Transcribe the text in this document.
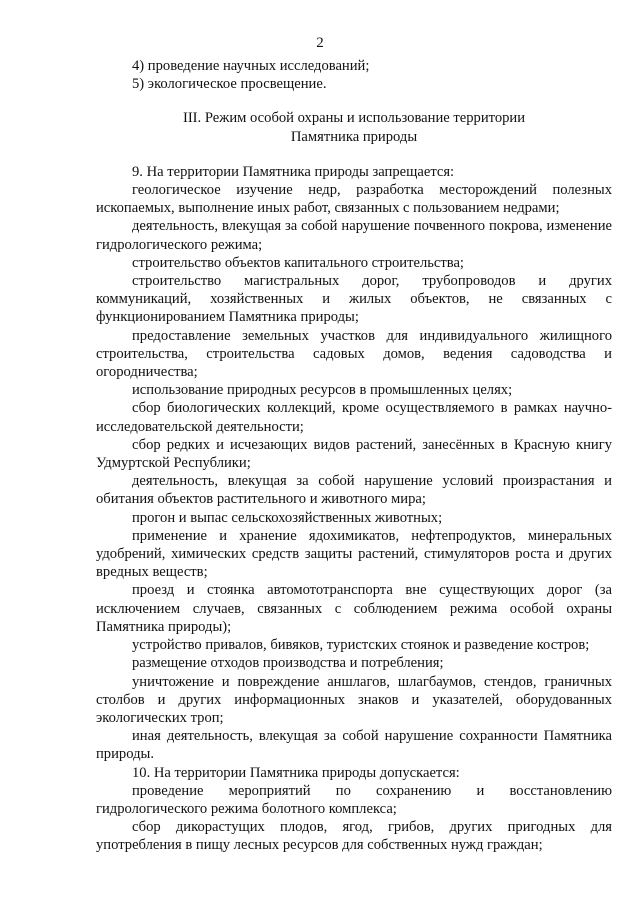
2

4) проведение научных исследований;

5) экологическое просвещение.

III. Режим особой охраны и использование территории
Памятника природы

9. На территории Памятника природы запрещается:

геологическое изучение недр, разработка месторождений полезных ископаемых, выполнение иных работ, связанных с пользованием недрами;

деятельность, влекущая за собой нарушение почвенного покрова, изменение гидрологического режима;

строительство объектов капитального строительства;

строительство магистральных дорог, трубопроводов и других коммуникаций, хозяйственных и жилых объектов, не связанных с функционированием Памятника природы;

предоставление земельных участков для индивидуального жилищного строительства, строительства садовых домов, ведения садоводства и огородничества;

использование природных ресурсов в промышленных целях;

сбор биологических коллекций, кроме осуществляемого в рамках научно-исследовательской деятельности;

сбор редких и исчезающих видов растений, занесённых в Красную книгу Удмуртской Республики;

деятельность, влекущая за собой нарушение условий произрастания и обитания объектов растительного и животного мира;

прогон и выпас сельскохозяйственных животных;

применение и хранение ядохимикатов, нефтепродуктов, минеральных удобрений, химических средств защиты растений, стимуляторов роста и других вредных веществ;

проезд и стоянка автомототранспорта вне существующих дорог (за исключением случаев, связанных с соблюдением режима особой охраны Памятника природы);

устройство привалов, бивяков, туристских стоянок и разведение костров;

размещение отходов производства и потребления;

уничтожение и повреждение аншлагов, шлагбаумов, стендов, граничных столбов и других информационных знаков и указателей, оборудованных экологических троп;

иная деятельность, влекущая за собой нарушение сохранности Памятника природы.

10. На территории Памятника природы допускается:

проведение мероприятий по сохранению и восстановлению гидрологического режима болотного комплекса;

сбор дикорастущих плодов, ягод, грибов, других пригодных для употребления в пищу лесных ресурсов для собственных нужд граждан;
